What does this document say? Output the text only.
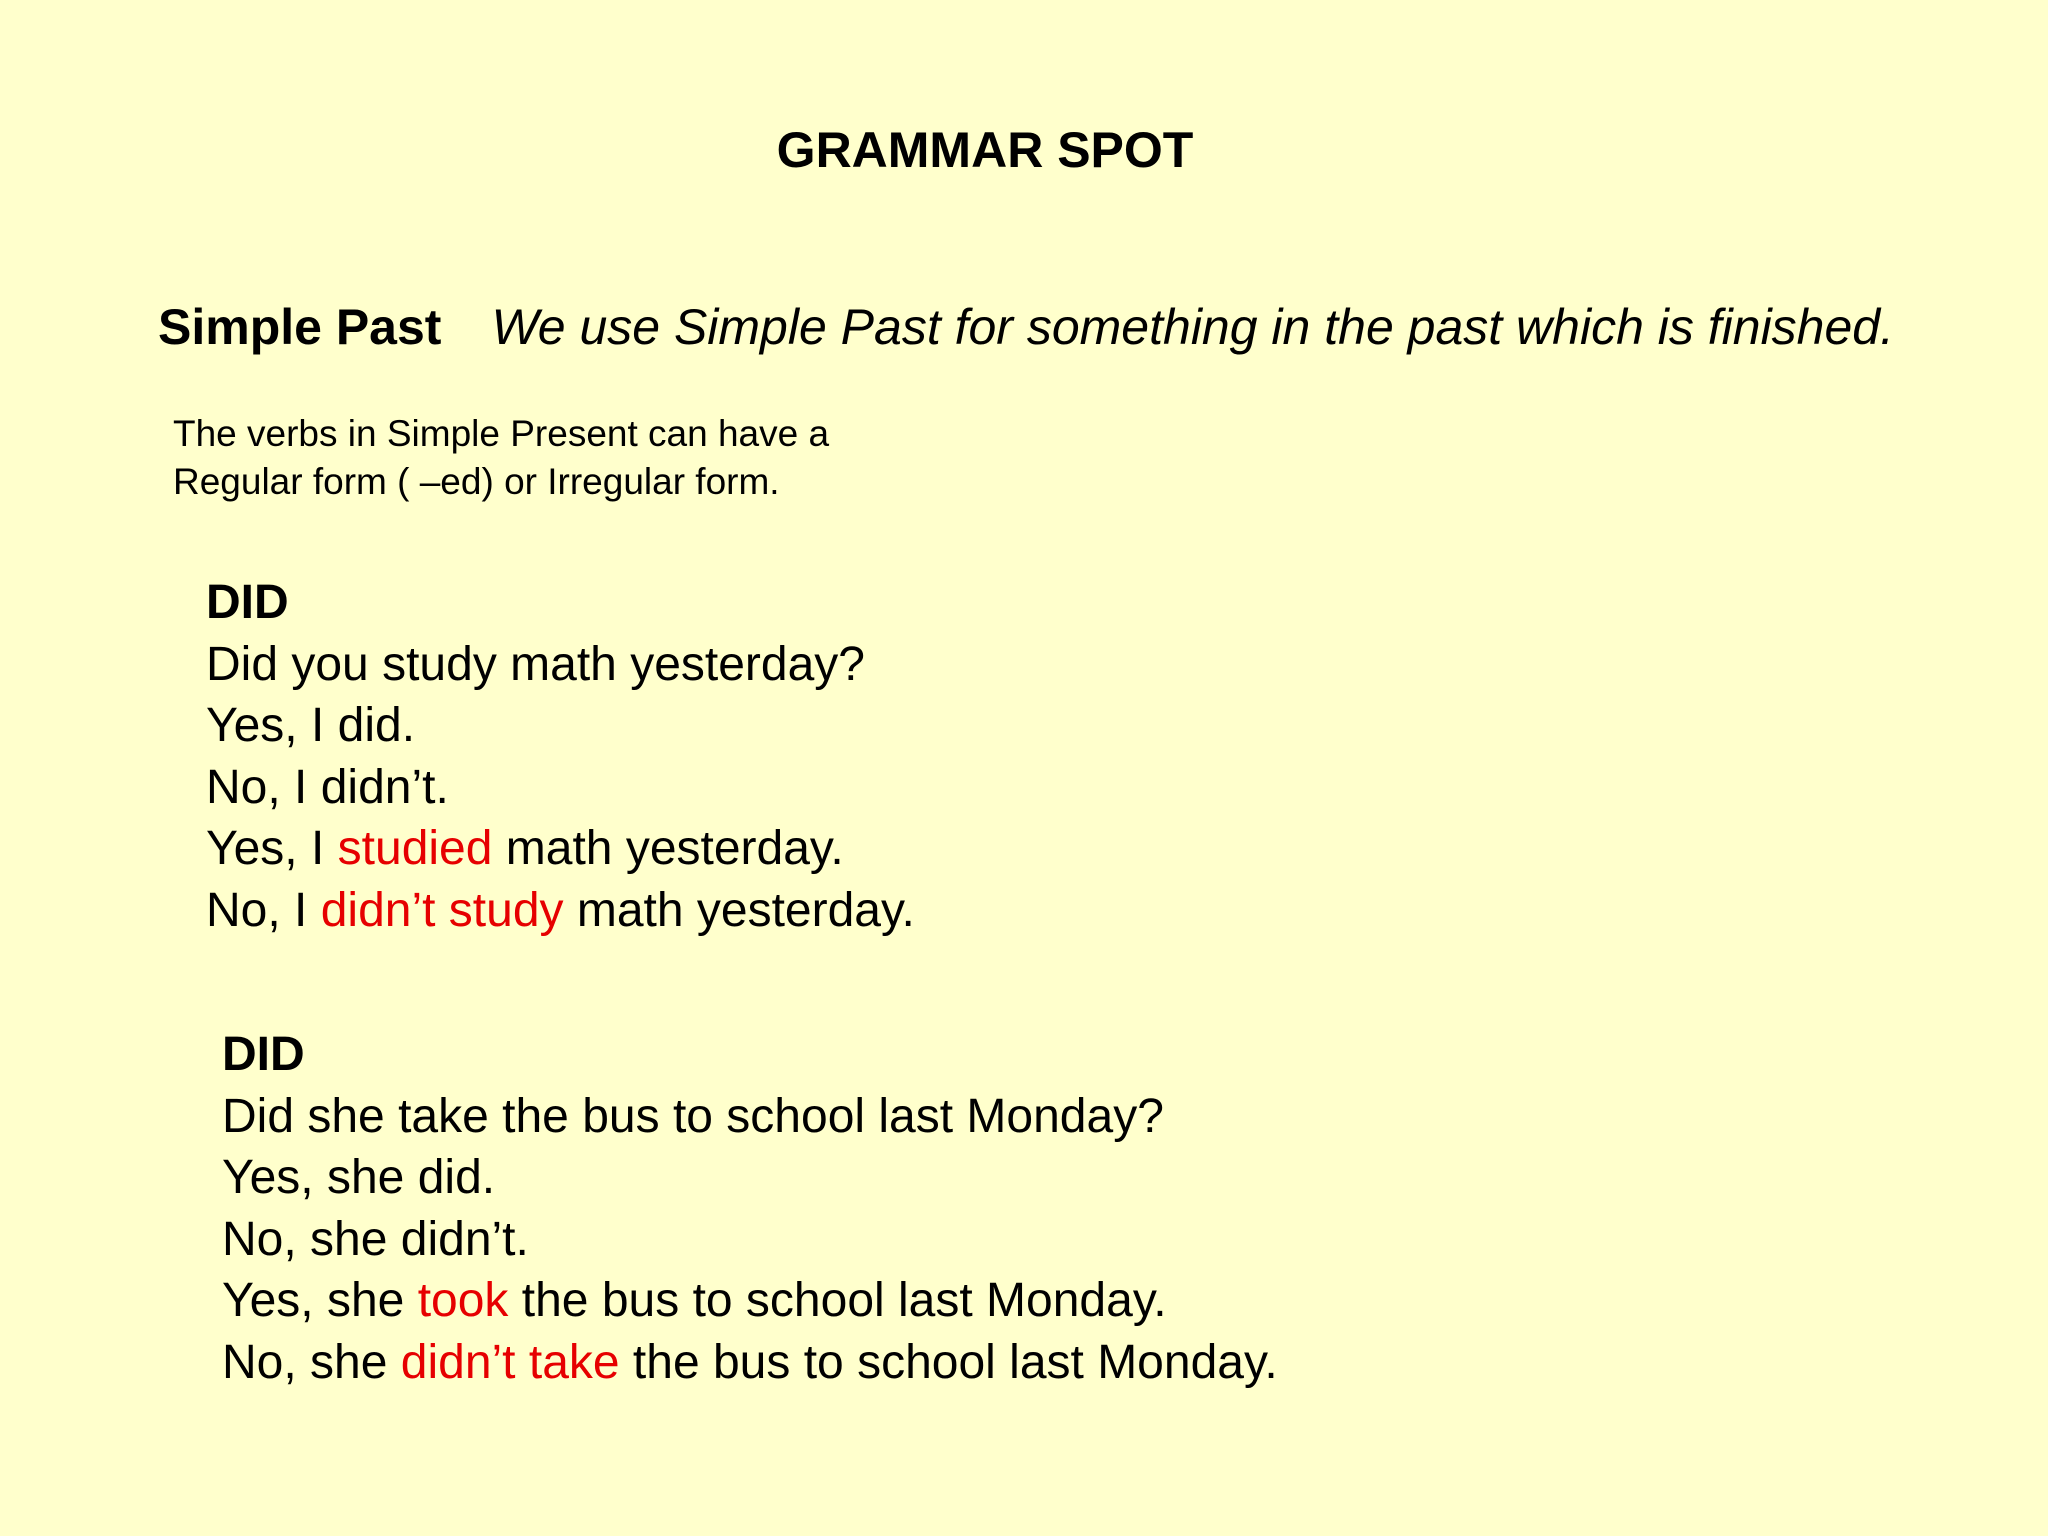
GRAMMAR SPOT
Simple Past We use Simple Past for something in the past which is finished.
The verbs in Simple Present can have a
Regular form ( –ed) or Irregular form.
DID
Did you study math yesterday?
Yes, I did.
No, I didn’t.
Yes, I studied math yesterday.
No, I didn’t study math yesterday.
DID
Did she take the bus to school last Monday?
Yes, she did.
No, she didn’t.
Yes, she took the bus to school last Monday.
No, she didn’t take the bus to school last Monday.
